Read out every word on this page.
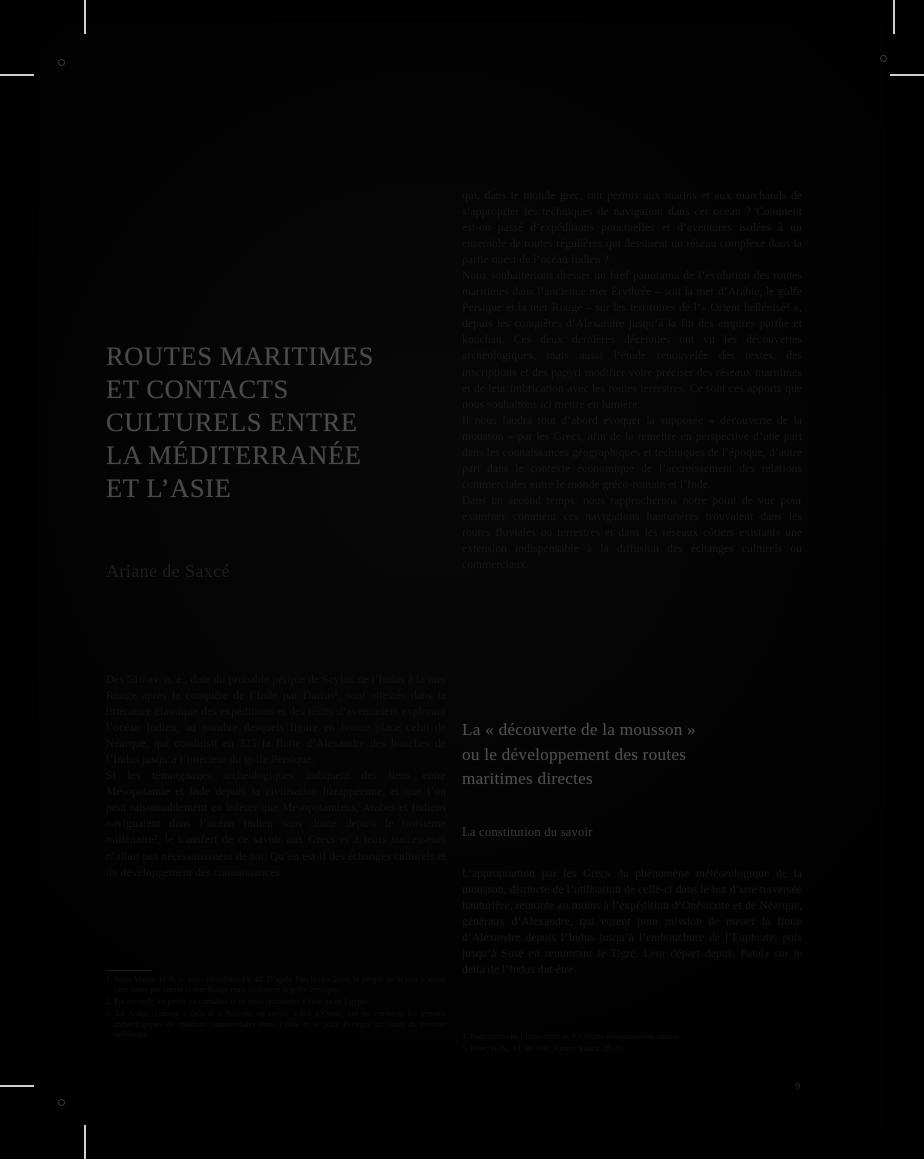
ROUTES MARITIMES
ET CONTACTS
CULTURELS ENTRE
LA MÉDITERRANÉE
ET L’ASIE

Ariane de Saxcé

Dès 516 av. n. è., date du probable périple de Scylax de l’Indus à la mer Rouge après la conquête de l’Inde par Darius¹, sont attestés dans la littérature classique des expéditions et des récits d’aventuriers explorant l’océan Indien, au nombre desquels figure en bonne place celui de Néarque, qui conduisit en 325 la flotte d’Alexandre des bouches de l’Indus jusqu’à l’intérieur du golfe Persique.

Si les témoignages archéologiques indiquent des liens entre Mésopotamie et Inde depuis la civilisation harappéenne, et que l’on peut raisonnablement en inférer que Mésopotamiens, Arabes et Indiens naviguaient dans l’océan Indien sans doute depuis le troisième millénaire², le transfert de ce savoir aux Grecs et à leurs successeurs n’allait pas nécessairement de soi. Qu’en est-il des échanges culturels et du développement des connaissances

1. Saint-Martin 1839, p. 100 ; Herodotus IV, 44. D’après Panchenko 2003, le périple de Scylax n’aurait sans doute pas atteint la mer Rouge mais seulement le golfe Persique.

2. Par exemple les perles en cornaline et en étain retrouvées à Suse ou en Égypte.

3. En Arabie, comme à Qala’at al-Bahreïn, ou encore à Bat à Oman, ont été retrouvés les témoins archéologiques de relations commerciales entre l’Inde et le golfe Persique au cours du premier millénaire.

qui, dans le monde grec, ont permis aux marins et aux marchands de s’approprier les techniques de navigation dans cet océan ? Comment est-on passé d’expéditions ponctuelles et d’aventures isolées à un ensemble de routes régulières qui dessinent un réseau complexe dans la partie ouest de l’océan Indien ?

Nous souhaiterions dresser un bref panorama de l’évolution des routes maritimes dans l’ancienne mer Érythrée – soit la mer d’Arabie, le golfe Persique et la mer Rouge – sur les territoires de l’« Orient hellénisé⁴ », depuis les conquêtes d’Alexandre jusqu’à la fin des empires parthe et kouchan. Ces deux dernières décennies ont vu les découvertes archéologiques, mais aussi l’étude renouvelée des textes, des inscriptions et des papyri modifier voire préciser des réseaux maritimes et de leur imbrication avec les routes terrestres. Ce sont ces apports que nous souhaitons ici mettre en lumière.

Il nous faudra tout d’abord évoquer la supposée « découverte de la mousson » par les Grecs, afin de la remettre en perspective d’une part dans les connaissances géographiques et techniques de l’époque, d’autre part dans le contexte économique de l’accroissement des relations commerciales entre le monde gréco-romain et l’Inde.

Dans un second temps, nous rapprocherons notre point de vue pour examiner comment ces navigations hauturières trouvaient dans les routes fluviales ou terrestres et dans les réseaux côtiers existants une extension indispensable à la diffusion des échanges culturels ou commerciaux.

La « découverte de la mousson »
ou le développement des routes
maritimes directes
La constitution du savoir

L’appropriation par les Grecs du phénomène météorologique de la mousson, distincte de l’utilisation de celle-ci dans le but d’une traversée hauturière, remonte au moins à l’expédition d’Onésicrite et de Néarque, généraux d’Alexandre, qui eurent pour mission de mener la flotte d’Alexandre depuis l’Indus jusqu’à l’embouchure de l’Euphrate, puis jusqu’à Suse en remontant le Tigre. Leur départ depuis Patala sur le delta de l’Indus dut être

4. Pour reprendre l’expression de P. Leriche communément admise.

5. Pline, H. N., VI, 96-100 ; Arrien, Indica, 20-21.

9
